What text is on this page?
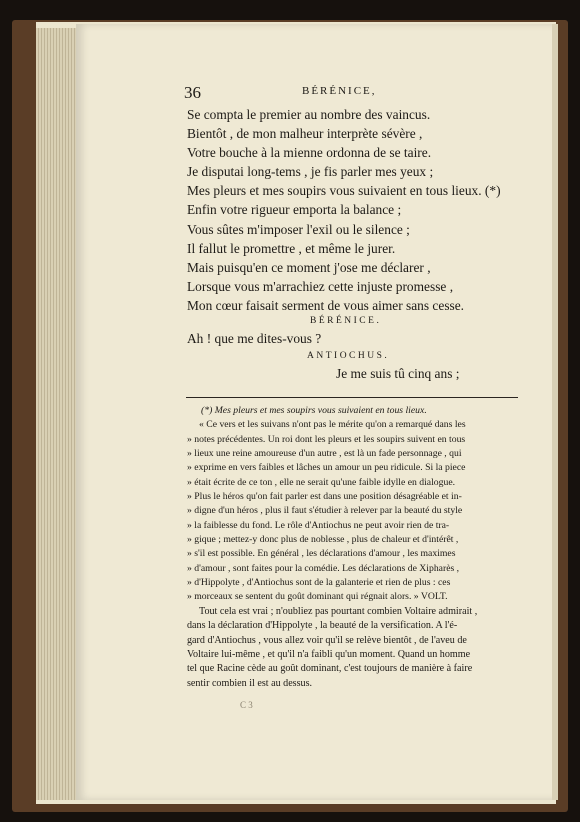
36	BÉRÉNICE,
Se compta le premier au nombre des vaincus.
Bientôt , de mon malheur interprète sévère ,
Votre bouche à la mienne ordonna de se taire.
Je disputai long-tems , je fis parler mes yeux ;
Mes pleurs et mes soupirs vous suivaient en tous lieux. (*)
Enfin votre rigueur emporta la balance ;
Vous sûtes m'imposer l'exil ou le silence ;
Il fallut le promettre , et même le jurer.
Mais puisqu'en ce moment j'ose me déclarer ,
Lorsque vous m'arrachiez cette injuste promesse ,
Mon cœur faisait serment de vous aimer sans cesse.
BÉRÉNICE.
Ah ! que me dites-vous ?
ANTIOCHUS.
Je me suis tû cinq ans ;
(*) Mes pleurs et mes soupirs vous suivaient en tous lieux.
« Ce vers et les suivans n'ont pas le mérite qu'on a remarqué dans les
» notes précédentes. Un roi dont les pleurs et les soupirs suivent en tous
» lieux une reine amoureuse d'un autre , est là un fade personnage , qui
» exprime en vers faibles et lâches un amour un peu ridicule. Si la piece
» était écrite de ce ton , elle ne serait qu'une faible idylle en dialogue.
» Plus le héros qu'on fait parler est dans une position désagréable et in-
» digne d'un héros , plus il faut s'étudier à relever par la beauté du style
» la faiblesse du fond. Le rôle d'Antiochus ne peut avoir rien de tra-
» gique ; mettez-y donc plus de noblesse , plus de chaleur et d'intérêt ,
» s'il est possible. En général , les déclarations d'amour , les maximes
» d'amour , sont faites pour la comédie. Les déclarations de Xipharès ,
» d'Hippolyte , d'Antiochus sont de la galanterie et rien de plus : ces
» morceaux se sentent du goût dominant qui régnait alors. » VOLT.
Tout cela est vrai ; n'oubliez pas pourtant combien Voltaire admirait ,
dans la déclaration d'Hippolyte , la beauté de la versification. A l'é-
gard d'Antiochus , vous allez voir qu'il se relève bientôt , de l'aveu de
Voltaire lui-même , et qu'il n'a faibli qu'un moment. Quand un homme
tel que Racine cède au goût dominant, c'est toujours de manière à faire
sentir combien il est au dessus.
C 3
